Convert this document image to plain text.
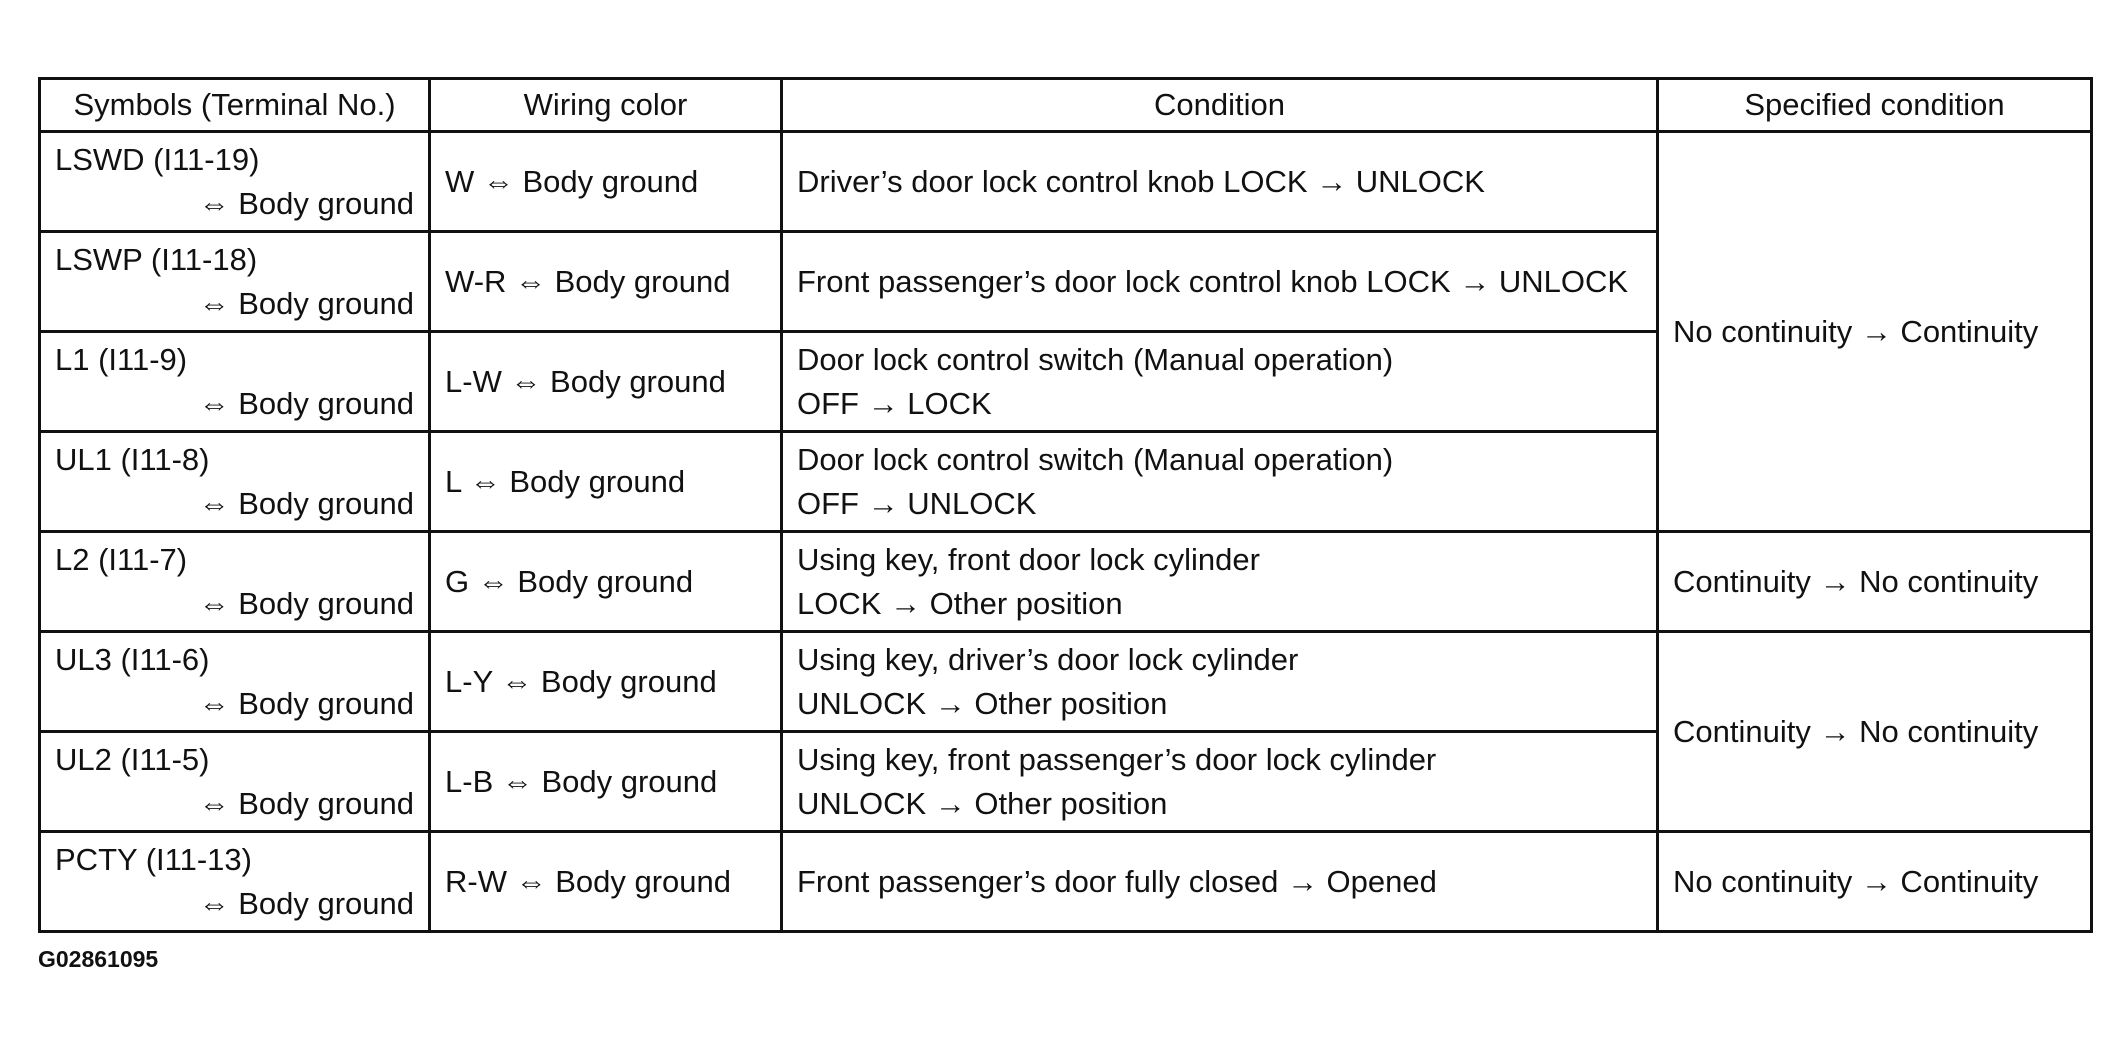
Symbols (Terminal No.)	Wiring color	Condition	Specified condition

LSWD (I11-19)
⇔ Body ground	W ⇔ Body ground	Driver’s door lock control knob LOCK → UNLOCK	No continuity → Continuity

LSWP (I11-18)
⇔ Body ground	W-R ⇔ Body ground	Front passenger’s door lock control knob LOCK → UNLOCK	

L1 (I11-9)
⇔ Body ground	L-W ⇔ Body ground	Door lock control switch (Manual operation)
OFF → LOCK	

UL1 (I11-8)
⇔ Body ground	L ⇔ Body ground	Door lock control switch (Manual operation)
OFF → UNLOCK	

L2 (I11-7)
⇔ Body ground	G ⇔ Body ground	Using key, front door lock cylinder
LOCK → Other position	Continuity → No continuity

UL3 (I11-6)
⇔ Body ground	L-Y ⇔ Body ground	Using key, driver’s door lock cylinder
UNLOCK → Other position	Continuity → No continuity

UL2 (I11-5)
⇔ Body ground	L-B ⇔ Body ground	Using key, front passenger’s door lock cylinder
UNLOCK → Other position	

PCTY (I11-13)
⇔ Body ground	R-W ⇔ Body ground	Front passenger’s door fully closed → Opened	No continuity → Continuity
G02861095
